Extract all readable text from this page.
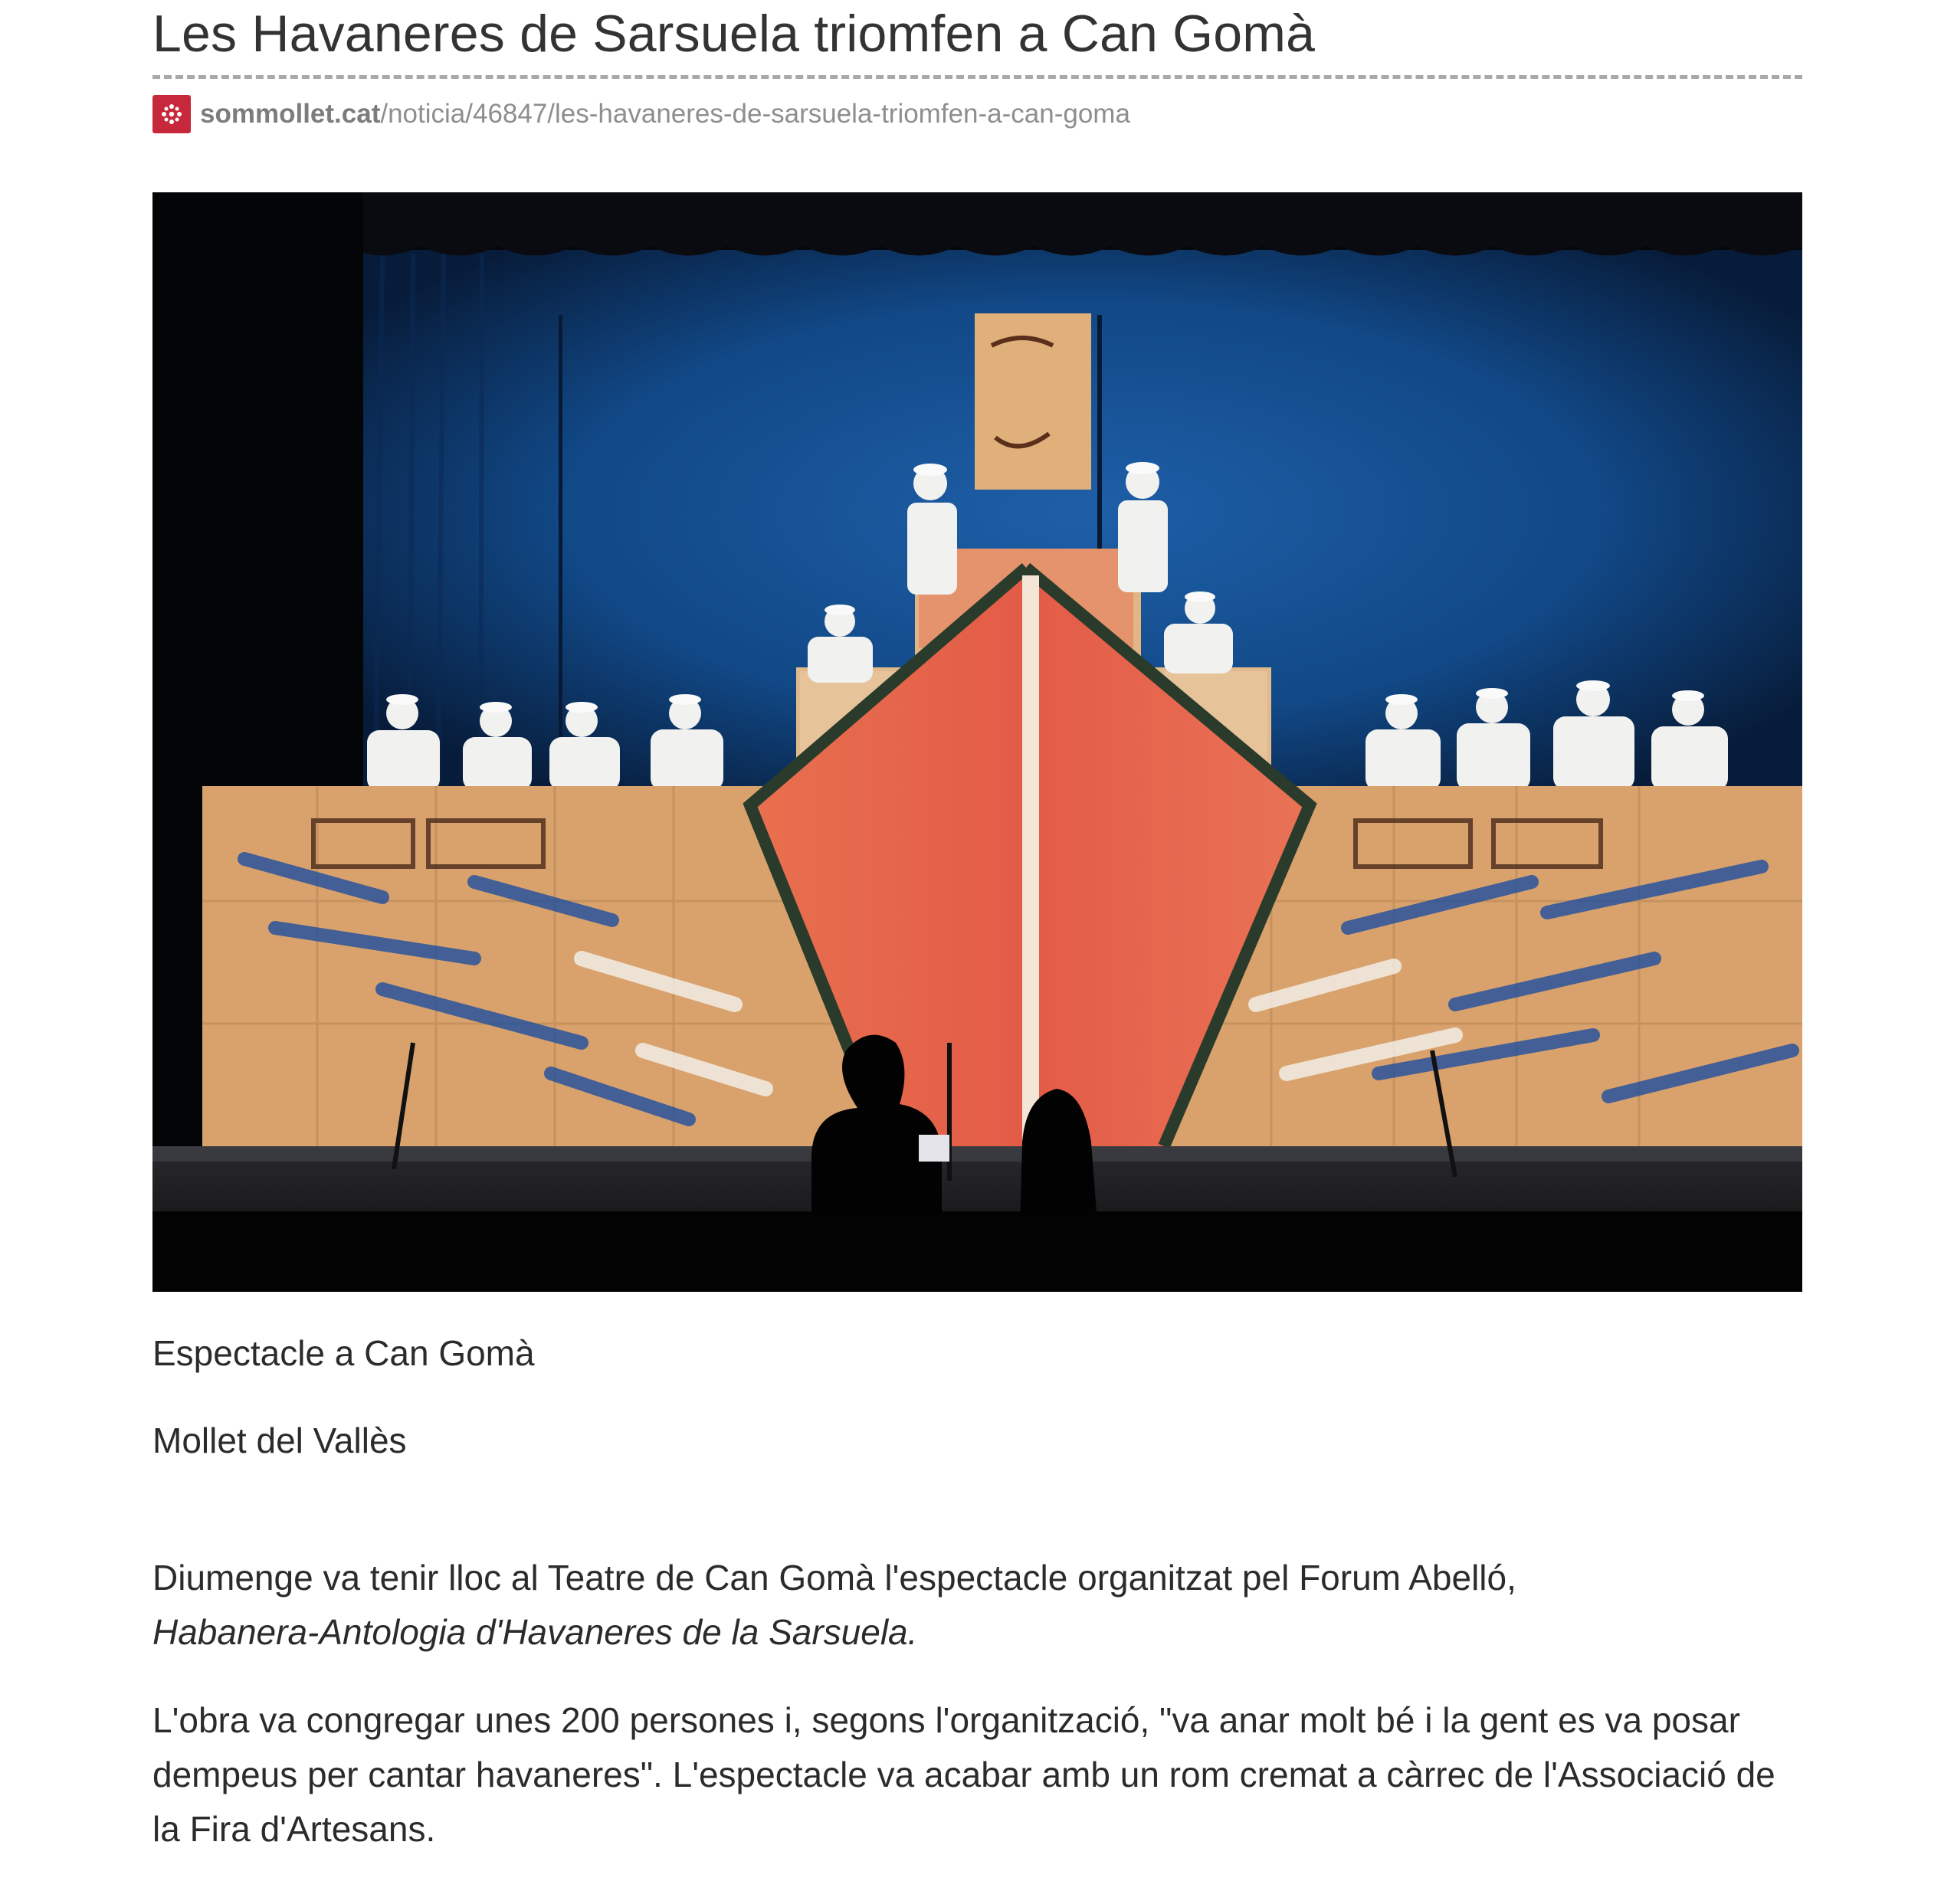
Les Havaneres de Sarsuela triomfen a Can Gomà
sommollet.cat/noticia/46847/les-havaneres-de-sarsuela-triomfen-a-can-goma

Espectacle a Can Gomà

Mollet del Vallès

Diumenge va tenir lloc al Teatre de Can Gomà l'espectacle organitzat pel Forum Abelló,
Habanera-Antologia d'Havaneres de la Sarsuela.

L'obra va congregar unes 200 persones i, segons l'organització, "va anar molt bé i la gent es va posar dempeus per cantar havaneres". L'espectacle va acabar amb un rom cremat a càrrec de l'Associació de la Fira d'Artesans.
